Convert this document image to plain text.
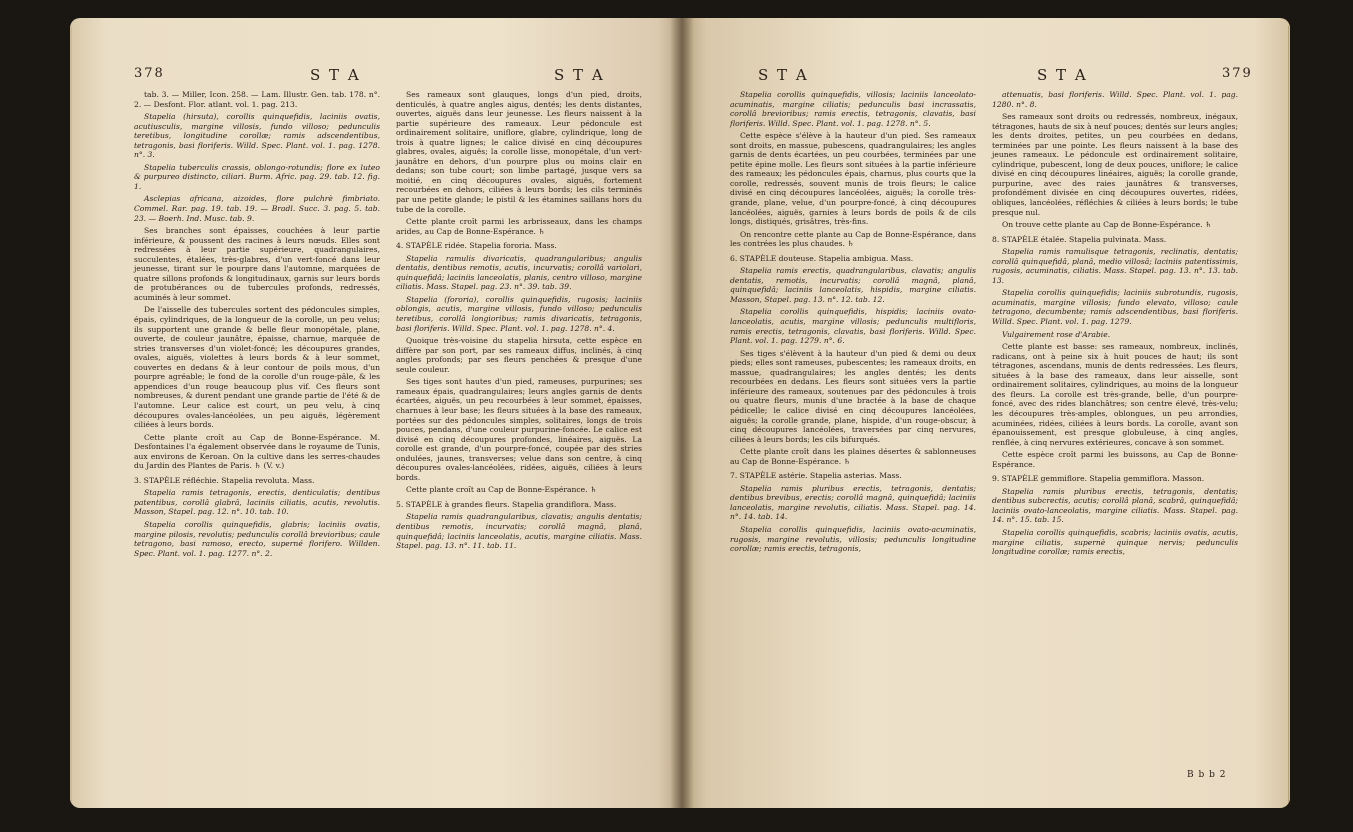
378	S T A	S T A

tab. 3. — Miller, Icon. 258. — Lam. Illustr. Gen. tab. 178. n°. 2. — Desfont. Flor. atlant. vol. 1. pag. 213.

Stapelia (hirsuta), corollis quinquefidis, laciniis ovatis, acutiusculis, margine villosis, fundo villoso; pedunculis teretibus, longitudine corollæ; ramis adscendentibus, tetragonis, basi floriferis. Willd. Spec. Plant. vol. 1. pag. 1278. n°. 3.

Stapelia tuberculis crassis, oblongo-rotundis; flore ex luteo & purpureo distincto, ciliari. Burm. Afric. pag. 29. tab. 12. fig. 1.

Asclepias africana, aizoides, flore pulchrè fimbriato. Commel. Rar. pag. 19. tab. 19. — Bradl. Succ. 3. pag. 5. tab. 23. — Boerh. Ind. Musc. tab. 9.

Ses branches sont épaisses, couchées à leur partie inférieure, & poussent des racines à leurs nœuds. Elles sont redressées à leur partie supérieure, quadrangulaires, succulentes, étalées, très-glabres, d'un vert-foncé dans leur jeunesse, tirant sur le pourpre dans l'automne, marquées de quatre sillons profonds & longitudinaux, garnis sur leurs bords de protubérances ou de tubercules profonds, redressés, acuminés à leur sommet.

De l'aisselle des tubercules sortent des pédoncules simples, épais, cylindriques, de la longueur de la corolle, un peu velus; ils supportent une grande & belle fleur monopétale, plane, ouverte, de couleur jaunâtre, épaisse, charnue, marquée de stries transverses d'un violet-foncé; les découpures grandes, ovales, aiguës, violettes à leurs bords & à leur sommet, couvertes en dedans & à leur contour de poils mous, d'un pourpre agréable; le fond de la corolle d'un rouge-pâle, & les appendices d'un rouge beaucoup plus vif. Ces fleurs sont nombreuses, & durent pendant une grande partie de l'été & de l'automne. Leur calice est court, un peu velu, à cinq découpures ovales-lancéolées, un peu aiguës, légèrement ciliées à leurs bords.

Cette plante croît au Cap de Bonne-Espérance. M. Desfontaines l'a également observée dans le royaume de Tunis, aux environs de Keroan. On la cultive dans les serres-chaudes du Jardin des Plantes de Paris. ♄ (V. v.)

3. STAPÈLE réfléchie. Stapelia revoluta. Mass.

Stapelia ramis tetragonis, erectis, denticulatis; dentibus patentibus, corollâ glabrâ, laciniis ciliatis, acutis, revolutis. Masson, Stapel. pag. 12. n°. 10. tab. 10.

Stapelia corollis quinquefidis, glabris; laciniis ovatis, margine pilosis, revolutis; pedunculis corollâ brevioribus; caule tetragono, basi ramoso, erecto, superné florifero. Willden. Spec. Plant. vol. 1. pag. 1277. n°. 2.

Ses rameaux sont glauques, longs d'un pied, droits, denticulés, à quatre angles aigus, dentés; les dents distantes, ouvertes, aiguës dans leur jeunesse. Les fleurs naissent à la partie supérieure des rameaux. Leur pédoncule est ordinairement solitaire, uniflore, glabre, cylindrique, long de trois à quatre lignes; le calice divisé en cinq découpures glabres, ovales, aiguës; la corolle lisse, monopétale, d'un vert-jaunâtre en dehors, d'un pourpre plus ou moins clair en dedans; son tube court; son limbe partagé, jusque vers sa moitié, en cinq découpures ovales, aiguës, fortement recourbées en dehors, ciliées à leurs bords; les cils terminés par une petite glande; le pistil & les étamines saillans hors du tube de la corolle.

Cette plante croît parmi les arbrisseaux, dans les champs arides, au Cap de Bonne-Espérance. ♄

4. STAPÈLE ridée. Stapelia fororia. Mass.

Stapelia ramulis divaricatis, quadrangularibus; angulis dentatis, dentibus remotis, acutis, incurvatis; corollâ variolari, quinquefidâ; laciniis lanceolatis, planis, centro villoso, margine ciliatis. Mass. Stapel. pag. 23. n°. 39. tab. 39.

Stapelia (fororia), corollis quinquefidis, rugosis; laciniis oblongis, acutis, margine villosis, fundo villoso; pedunculis teretibus, corollâ longioribus; ramis divaricatis, tetragonis, basi floriferis. Willd. Spec. Plant. vol. 1. pag. 1278. n°. 4.

Quoique très-voisine du stapelia hirsuta, cette espèce en diffère par son port, par ses rameaux diffus, inclinés, à cinq angles profonds; par ses fleurs penchées & presque d'une seule couleur.

Ses tiges sont hautes d'un pied, rameuses, purpurines; ses rameaux épais, quadrangulaires; leurs angles garnis de dents écartées, aiguës, un peu recourbées à leur sommet, épaisses, charnues à leur base; les fleurs situées à la base des rameaux, portées sur des pédoncules simples, solitaires, longs de trois pouces, pendans, d'une couleur purpurine-foncée. Le calice est divisé en cinq découpures profondes, linéaires, aiguës. La corolle est grande, d'un pourpre-foncé, coupée par des stries ondulées, jaunes, transverses; velue dans son centre, à cinq découpures ovales-lancéolées, ridées, aiguës, ciliées à leurs bords.

Cette plante croît au Cap de Bonne-Espérance. ♄

5. STAPÈLE à grandes fleurs. Stapelia grandiflora. Mass.

Stapelia ramis quadrangularibus, clavatis; angulis dentatis; dentibus remotis, incurvatis; corollâ magnâ, planâ, quinquefidâ; laciniis lanceolatis, acutis, margine ciliatis. Mass. Stapel. pag. 13. n°. 11. tab. 11.

S T A	S T A	379

Stapelia corollis quinquefidis, villosis; laciniis lanceolato-acuminatis, margine ciliatis; pedunculis basi incrassatis, corollâ brevioribus; ramis erectis, tetragonis, clavatis, basi floriferis. Willd. Spec. Plant. vol. 1. pag. 1278. n°. 5.

Cette espèce s'élève à la hauteur d'un pied. Ses rameaux sont droits, en massue, pubescens, quadrangulaires; les angles garnis de dents écartées, un peu courbées, terminées par une petite épine molle. Les fleurs sont situées à la partie inférieure des rameaux; les pédoncules épais, charnus, plus courts que la corolle, redressés, souvent munis de trois fleurs; le calice divisé en cinq découpures lancéolées, aiguës; la corolle très-grande, plane, velue, d'un pourpre-foncé, à cinq découpures lancéolées, aiguës, garnies à leurs bords de poils & de cils longs, distiqués, grisâtres, très-fins.

On rencontre cette plante au Cap de Bonne-Espérance, dans les contrées les plus chaudes. ♄

6. STAPÈLE douteuse. Stapelia ambigua. Mass.

Stapelia ramis erectis, quadrangularibus, clavatis; angulis dentatis, remotis, incurvatis; corollâ magnâ, planâ, quinquefidâ; laciniis lanceolatis, hispidis, margine ciliatis. Masson, Stapel. pag. 13. n°. 12. tab. 12.

Stapelia corollis quinquefidis, hispidis; laciniis ovato-lanceolatis, acutis, margine villosis; pedunculis multifloris, ramis erectis, tetragonis, clavatis, basi floriferis. Willd. Spec. Plant. vol. 1. pag. 1279. n°. 6.

Ses tiges s'élèvent à la hauteur d'un pied & demi ou deux pieds; elles sont rameuses, pubescentes; les rameaux droits, en massue, quadrangulaires; les angles dentés; les dents recourbées en dedans. Les fleurs sont situées vers la partie inférieure des rameaux, soutenues par des pédoncules à trois ou quatre fleurs, munis d'une bractée à la base de chaque pédicelle; le calice divisé en cinq découpures lancéolées, aiguës; la corolle grande, plane, hispide, d'un rouge-obscur, à cinq découpures lancéolées, traversées par cinq nervures, ciliées à leurs bords; les cils bifurqués.

Cette plante croît dans les plaines désertes & sablonneuses au Cap de Bonne-Espérance. ♄

7. STAPÈLE astérie. Stapelia asterias. Mass.

Stapelia ramis pluribus erectis, tetragonis, dentatis; dentibus brevibus, erectis; corollâ magnâ, quinquefidâ; laciniis lanceolatis, margine revolutis, ciliatis. Mass. Stapel. pag. 14. n°. 14. tab. 14.

Stapelia corollis quinquefidis, laciniis ovato-acuminatis, rugosis, margine revolutis, villosis; pedunculis longitudine corollæ; ramis erectis, tetragonis,

attenuatis, basi floriferis. Willd. Spec. Plant. vol. 1. pag. 1280. n°. 8.

Ses rameaux sont droits ou redressés, nombreux, inégaux, tétragones, hauts de six à neuf pouces; dentés sur leurs angles; les dents droites, petites, un peu courbées en dedans, terminées par une pointe. Les fleurs naissent à la base des jeunes rameaux. Le pédoncule est ordinairement solitaire, cylindrique, pubescent, long de deux pouces, uniflore; le calice divisé en cinq découpures linéaires, aiguës; la corolle grande, purpurine, avec des raies jaunâtres & transverses, profondément divisée en cinq découpures ouvertes, ridées, obliques, lancéolées, réfléchies & ciliées à leurs bords; le tube presque nul.

On trouve cette plante au Cap de Bonne-Espérance. ♄

8. STAPÈLE étalée. Stapelia pulvinata. Mass.

Stapelia ramis ramulisque tetragonis, reclinatis, dentatis; corollâ quinquefidâ, planâ, medio villosâ; laciniis patentissimis, rugosis, acuminatis, ciliatis. Mass. Stapel. pag. 13. n°. 13. tab. 13.

Stapelia corollis quinquefidis; laciniis subrotundis, rugosis, acuminatis, margine villosis; fundo elevato, villoso; caule tetragono, decumbente; ramis adscendentibus, basi floriferis. Willd. Spec. Plant. vol. 1. pag. 1279.

Vulgairement rose d'Arabie.

Cette plante est basse: ses rameaux, nombreux, inclinés, radicans, ont à peine six à huit pouces de haut; ils sont tétragones, ascendans, munis de dents redressées. Les fleurs, situées à la base des rameaux, dans leur aisselle, sont ordinairement solitaires, cylindriques, au moins de la longueur des fleurs. La corolle est très-grande, belle, d'un pourpre-foncé, avec des rides blanchâtres; son centre élevé, très-velu; les découpures très-amples, oblongues, un peu arrondies, acuminées, ridées, ciliées à leurs bords. La corolle, avant son épanouissement, est presque globuleuse, à cinq angles, renflée, à cinq nervures extérieures, concave à son sommet.

Cette espèce croît parmi les buissons, au Cap de Bonne-Espérance.

9. STAPÈLE gemmiflore. Stapelia gemmiflora. Masson.

Stapelia ramis pluribus erectis, tetragonis, dentatis; dentibus subcrectis, acutis; corollâ planâ, scabrâ, quinquefidâ; laciniis ovato-lanceolatis, margine ciliatis. Mass. Stapel. pag. 14. n°. 15. tab. 15.

Stapelia corollis quinquefidis, scabris; laciniis ovatis, acutis, margine ciliatis, supernè quinque nervis; pedunculis longitudine corollæ; ramis erectis,

B b b 2
